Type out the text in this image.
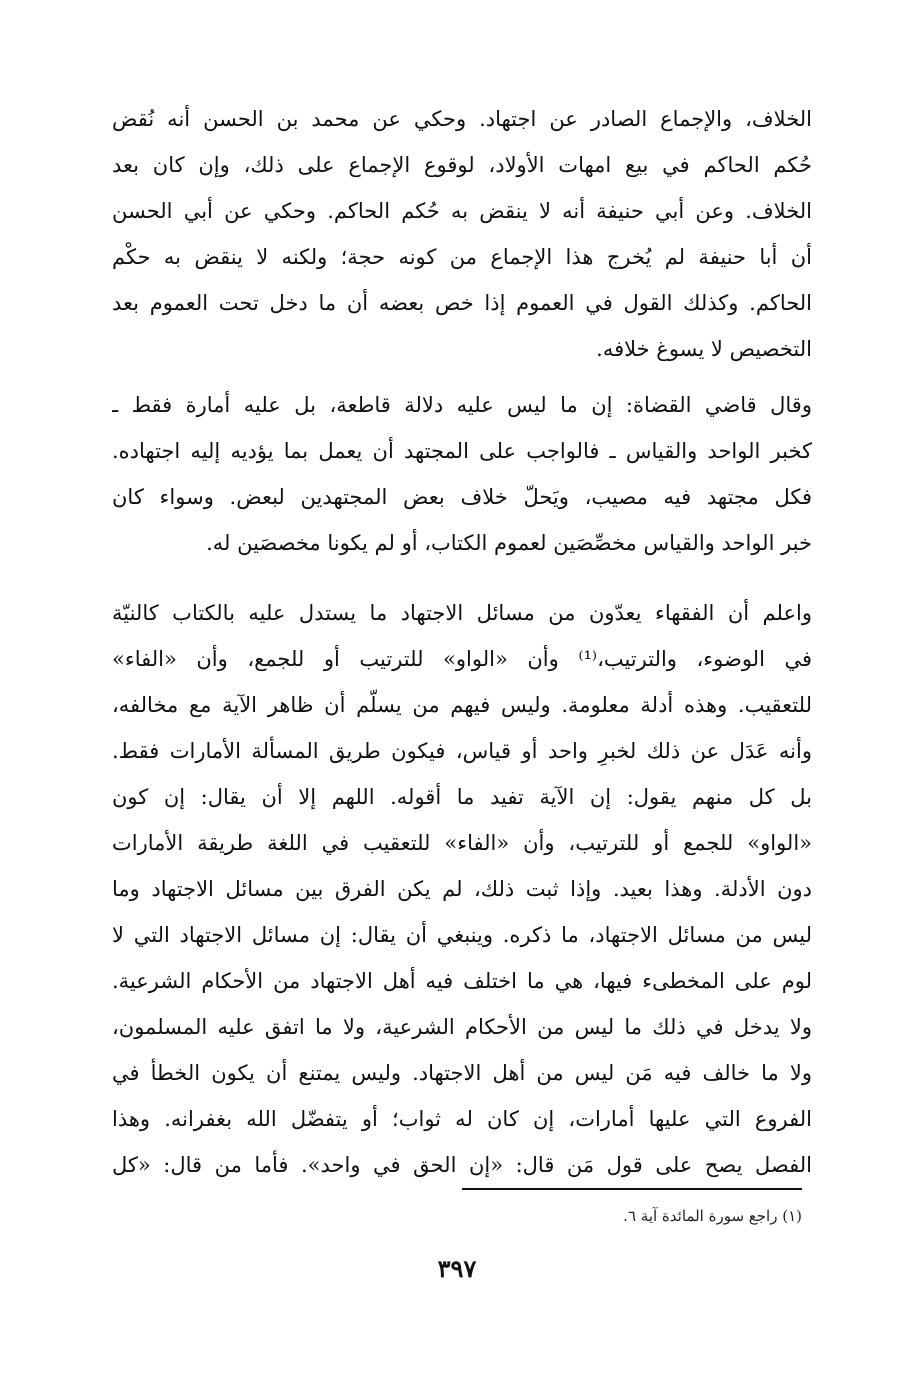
الخلاف، والإجماع الصادر عن اجتهاد. وحكي عن محمد بن الحسن أنه نُقض
حُكم الحاكم في بيع امهات الأولاد، لوقوع الإجماع على ذلك، وإن كان بعد
الخلاف. وعن أبي حنيفة أنه لا ينقض به حُكم الحاكم. وحكي عن أبي الحسن
أن أبا حنيفة لم يُخرج هذا الإجماع من كونه حجة؛ ولكنه لا ينقض به حكْم
الحاكم. وكذلك القول في العموم إذا خص بعضه أن ما دخل تحت العموم بعد
التخصيص لا يسوغ خلافه.
وقال قاضي القضاة: إن ما ليس عليه دلالة قاطعة، بل عليه أمارة فقط ـ
كخبر الواحد والقياس ـ فالواجب على المجتهد أن يعمل بما يؤديه إليه اجتهاده.
فكل مجتهد فيه مصيب، ويَحلّ خلاف بعض المجتهدين لبعض. وسواء كان
خبر الواحد والقياس مخصِّصَين لعموم الكتاب، أو لم يكونا مخصصَين له.
واعلم أن الفقهاء يعدّون من مسائل الاجتهاد ما يستدل عليه بالكتاب كالنيّة
في الوضوء، والترتيب،⁽¹⁾ وأن «الواو» للترتيب أو للجمع، وأن «الفاء»
للتعقيب. وهذه أدلة معلومة. وليس فيهم من يسلّم أن ظاهر الآية مع مخالفه،
وأنه عَدَل عن ذلك لخبرِ واحد أو قياس، فيكون طريق المسألة الأمارات فقط.
بل كل منهم يقول: إن الآية تفيد ما أقوله. اللهم إلا أن يقال: إن كون
«الواو» للجمع أو للترتيب، وأن «الفاء» للتعقيب في اللغة طريقة الأمارات
دون الأدلة. وهذا بعيد. وإذا ثبت ذلك، لم يكن الفرق بين مسائل الاجتهاد وما
ليس من مسائل الاجتهاد، ما ذكره. وينبغي أن يقال: إن مسائل الاجتهاد التي لا
لوم على المخطىء فيها، هي ما اختلف فيه أهل الاجتهاد من الأحكام الشرعية.
ولا يدخل في ذلك ما ليس من الأحكام الشرعية، ولا ما اتفق عليه المسلمون،
ولا ما خالف فيه مَن ليس من أهل الاجتهاد. وليس يمتنع أن يكون الخطأ في
الفروع التي عليها أمارات، إن كان له ثواب؛ أو يتفضّل الله بغفرانه. وهذا
الفصل يصح على قول مَن قال: «إن الحق في واحد». فأما من قال: «كل
(١) راجع سورة المائدة آية ٦.
٣٩٧
